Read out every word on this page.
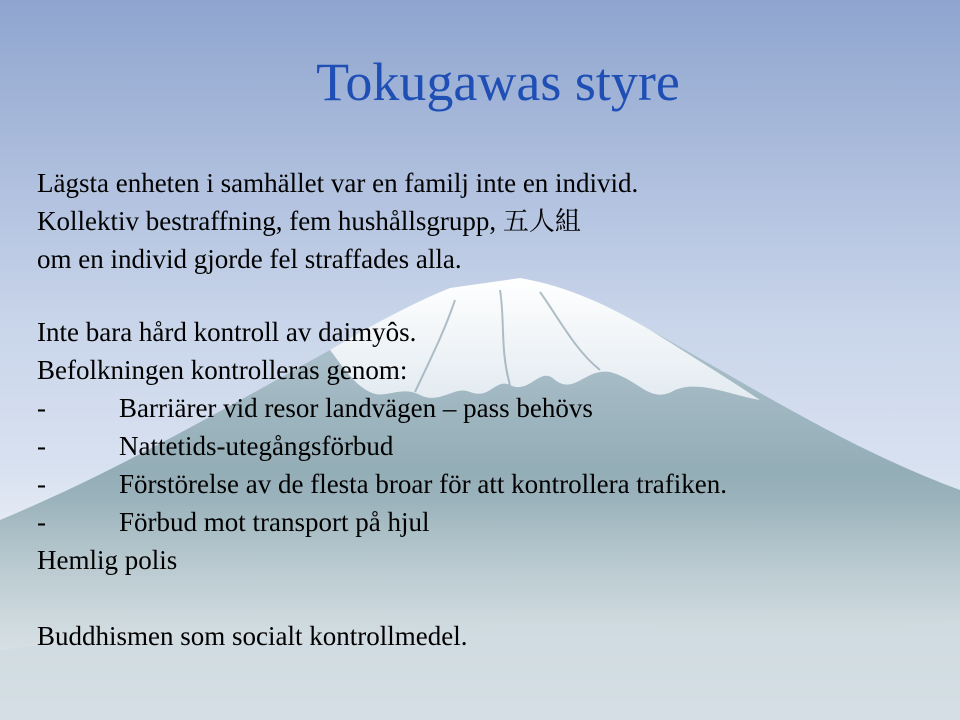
Tokugawas styre
Lägsta enheten i samhället var en familj inte en individ.
Kollektiv bestraffning, fem hushållsgrupp, 五人組
om en individ gjorde fel straffades alla.
Inte bara hård kontroll av daimyôs.
Befolkningen kontrolleras genom:
-	Barriärer vid resor landvägen – pass behövs
-	Nattetids-utegångsförbud
-	Förstörelse av de flesta broar för att kontrollera trafiken.
-	Förbud mot transport på hjul
Hemlig polis
Buddhismen som socialt kontrollmedel.
